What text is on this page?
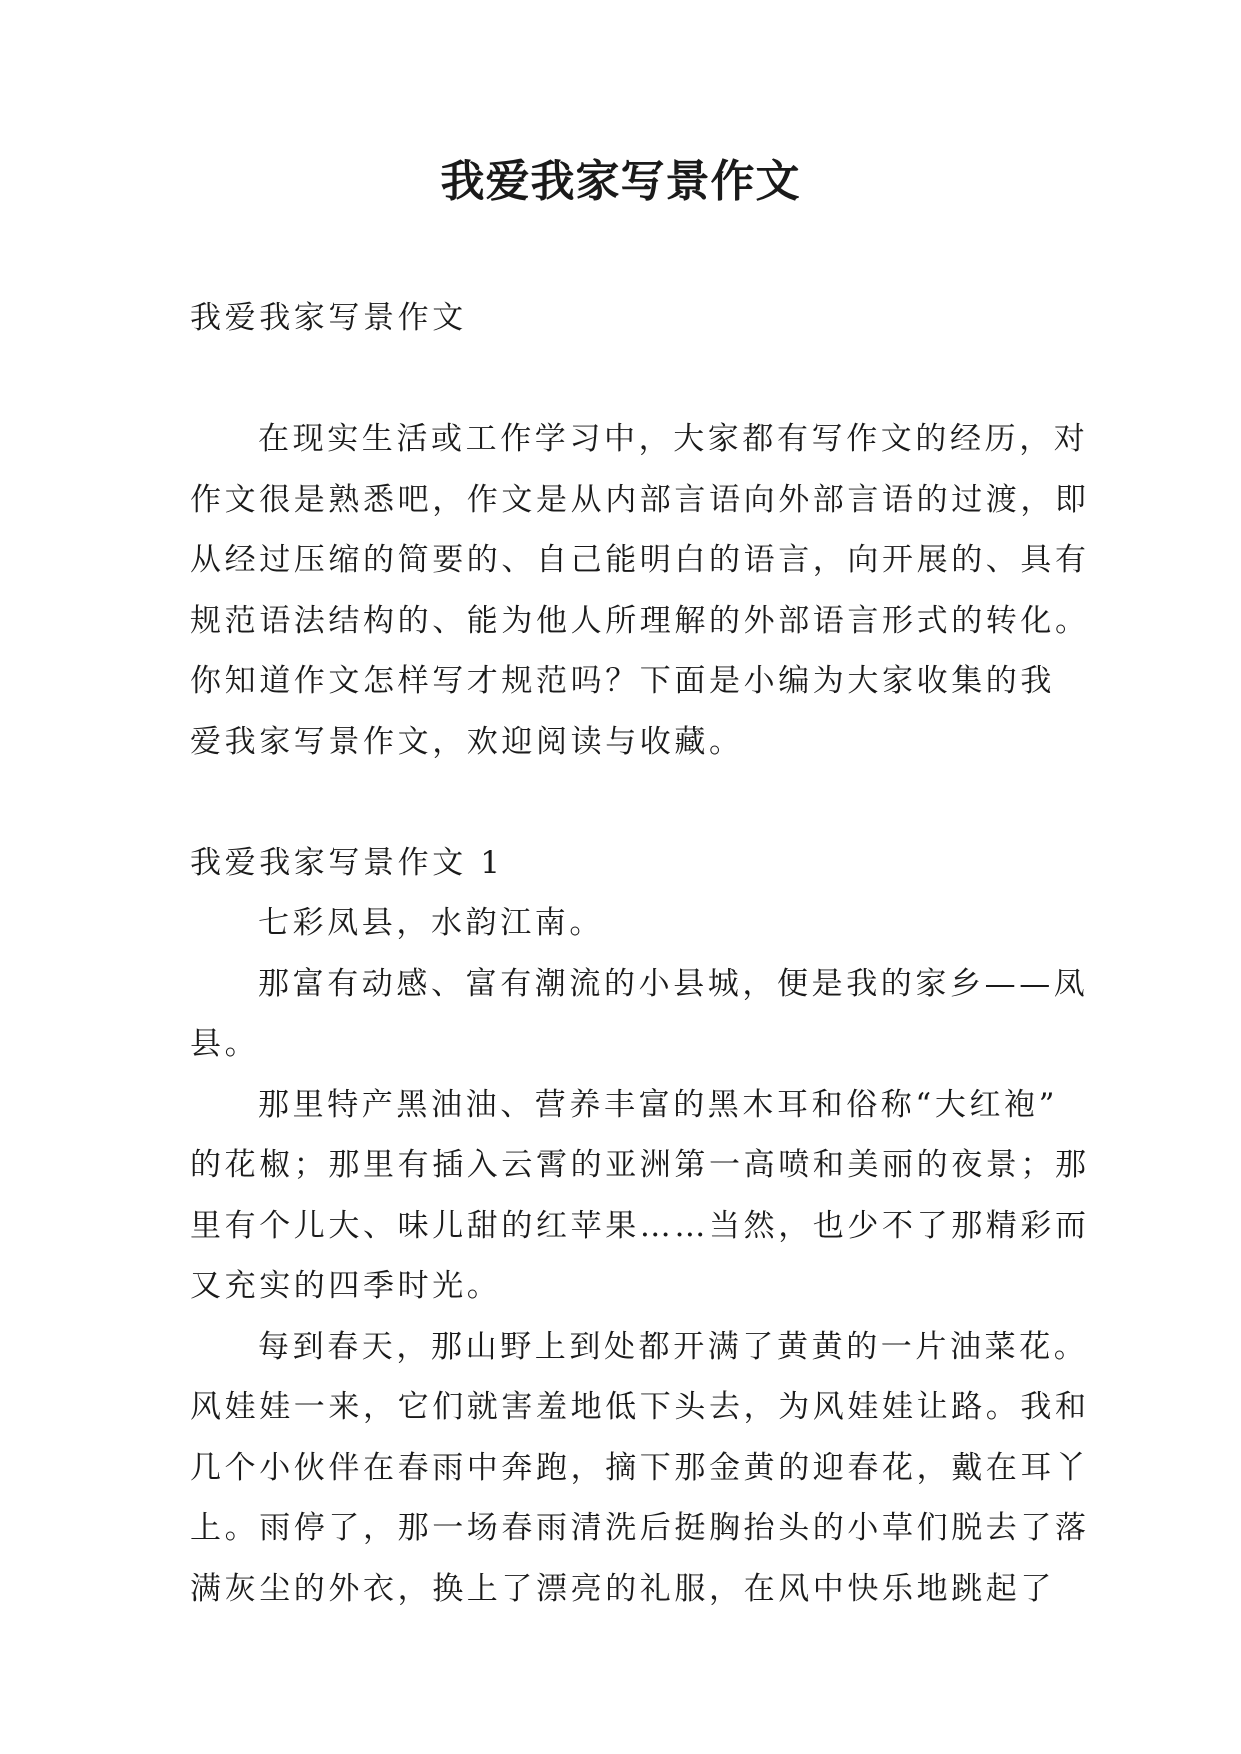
我爱我家写景作文
我爱我家写景作文
在现实生活或工作学习中，大家都有写作文的经历，对
作文很是熟悉吧，作文是从内部言语向外部言语的过渡，即
从经过压缩的简要的、自己能明白的语言，向开展的、具有
规范语法结构的、能为他人所理解的外部语言形式的转化。
你知道作文怎样写才规范吗？下面是小编为大家收集的我
爱我家写景作文，欢迎阅读与收藏。
我爱我家写景作文 1
七彩凤县，水韵江南。
那富有动感、富有潮流的小县城，便是我的家乡——凤
县。
那里特产黑油油、营养丰富的黑木耳和俗称“大红袍”
的花椒；那里有插入云霄的亚洲第一高喷和美丽的夜景；那
里有个儿大、味儿甜的红苹果……当然，也少不了那精彩而
又充实的四季时光。
每到春天，那山野上到处都开满了黄黄的一片油菜花。
风娃娃一来，它们就害羞地低下头去，为风娃娃让路。我和
几个小伙伴在春雨中奔跑，摘下那金黄的迎春花，戴在耳丫
上。雨停了，那一场春雨清洗后挺胸抬头的小草们脱去了落
满灰尘的外衣，换上了漂亮的礼服，在风中快乐地跳起了
